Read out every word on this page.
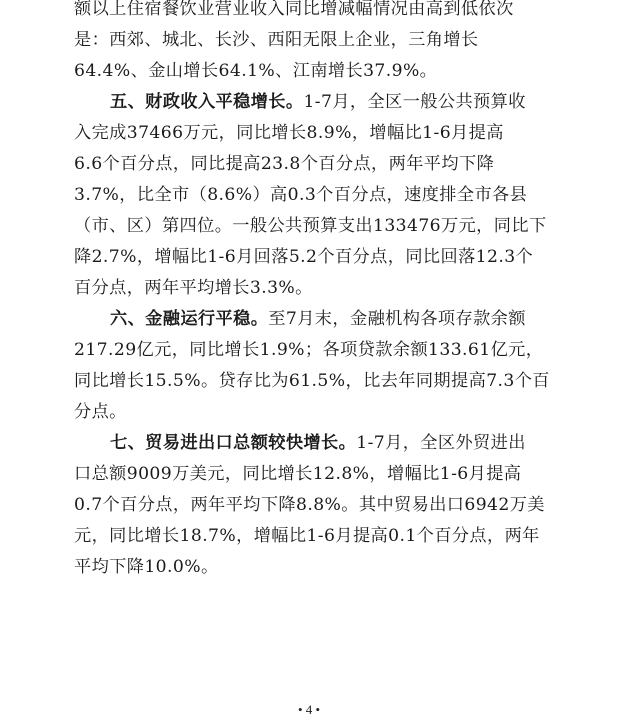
额以上住宿餐饮业营业收入同比增减幅情况由高到低依次
是：西郊、城北、长沙、西阳无限上企业，三角增长
64.4%、金山增长64.1%、江南增长37.9%。
五、财政收入平稳增长。1-7月，全区一般公共预算收
入完成37466万元，同比增长8.9%，增幅比1-6月提高
6.6个百分点，同比提高23.8个百分点，两年平均下降
3.7%，比全市（8.6%）高0.3个百分点，速度排全市各县
（市、区）第四位。一般公共预算支出133476万元，同比下
降2.7%，增幅比1-6月回落5.2个百分点，同比回落12.3个
百分点，两年平均增长3.3%。
六、金融运行平稳。至7月末，金融机构各项存款余额
217.29亿元，同比增长1.9%；各项贷款余额133.61亿元，
同比增长15.5%。贷存比为61.5%，比去年同期提高7.3个百
分点。
七、贸易进出口总额较快增长。1-7月，全区外贸进出
口总额9009万美元，同比增长12.8%，增幅比1-6月提高
0.7个百分点，两年平均下降8.8%。其中贸易出口6942万美
元，同比增长18.7%，增幅比1-6月提高0.1个百分点，两年
平均下降10.0%。
• 4 •
